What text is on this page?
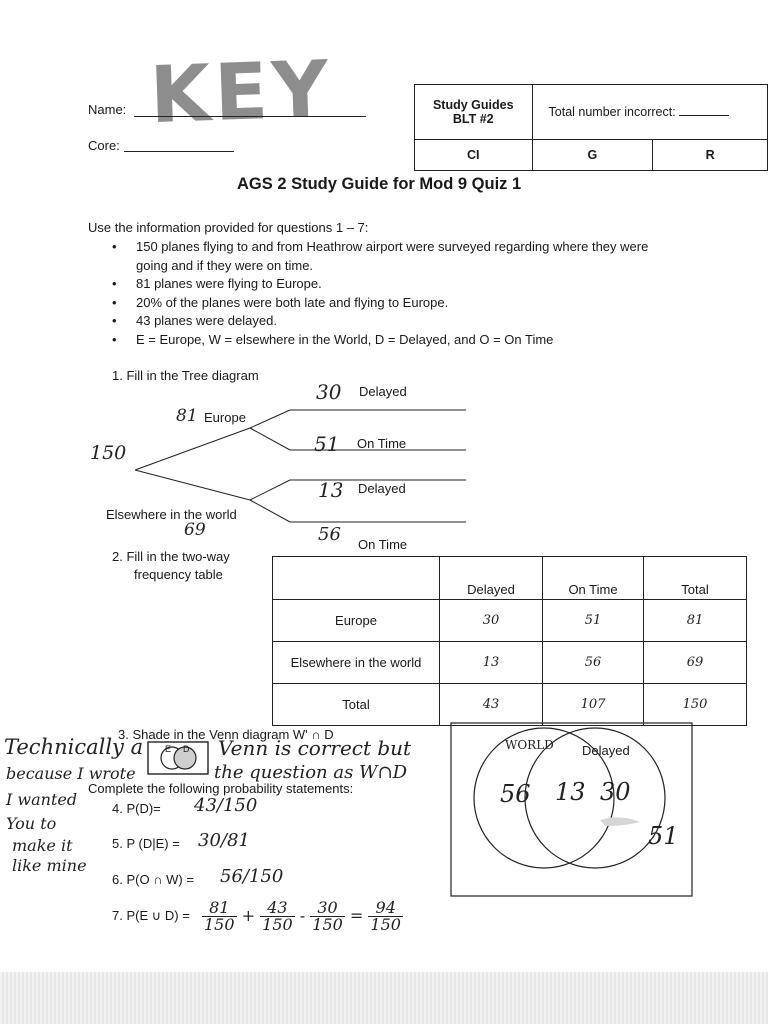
KEY
Name:
Core:
Study Guides
BLT #2	Total number incorrect:	
CI	G	R
AGS 2 Study Guide for Mod 9 Quiz 1
Use the information provided for questions 1 – 7:
• 150 planes flying to and from Heathrow airport were surveyed regarding where they were going and if they were on time.
• 81 planes were flying to Europe.
• 20% of the planes were both late and flying to Europe.
• 43 planes were delayed.
• E = Europe, W = elsewhere in the World, D = Delayed, and O = On Time
1. Fill in the Tree diagram
150
81 Europe
Elsewhere in the world
69
30 Delayed
51 On Time
13 Delayed
56 On Time
2. Fill in the two-way
frequency table
	Delayed	On Time	Total
Europe	30	51	81
Elsewhere in the world	13	56	69
Total	43	107	150
3. Shade in the Venn diagram W' ∩ D
E D	WORLD Delayed
56 13 30
51
Technically a
because I wrote
I wanted
You to
make it
like mine
Venn is correct but
the question as W∩D
Complete the following probability statements:
4. P(D)= 43/150
5. P (D|E) = 30/81
6. P(O ∩ W) = 56/150
7. P(E ∪ $D) = \frac{81}{150} + \frac{43}{150} - \frac{30}{150} = \frac{94}{150}$
